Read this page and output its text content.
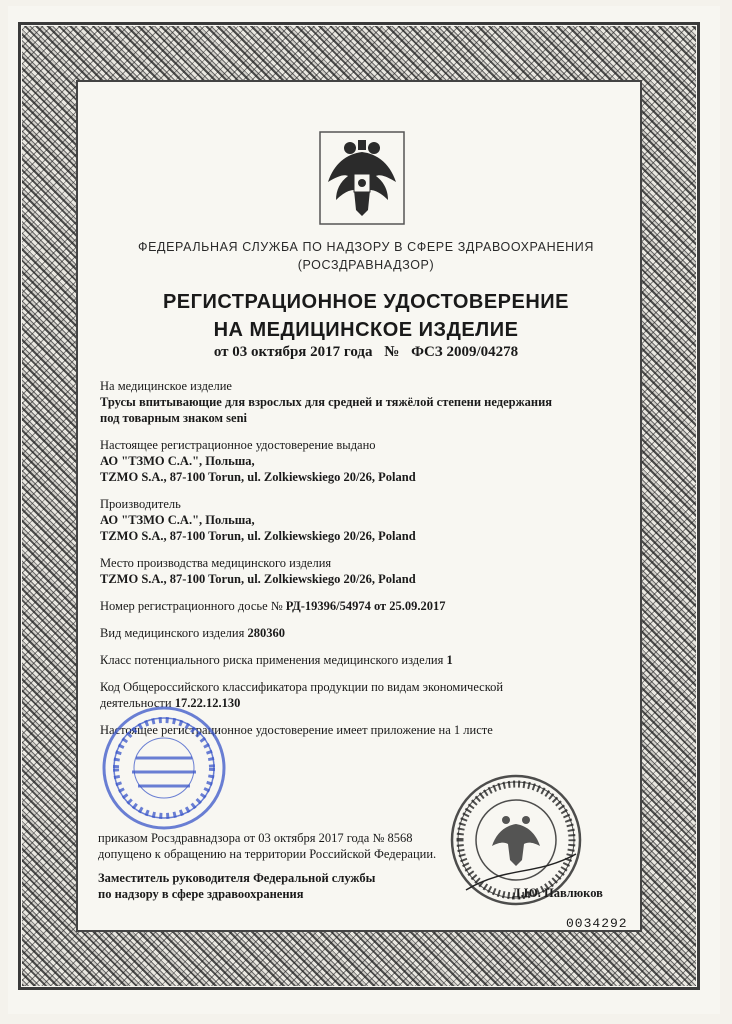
ФЕДЕРАЛЬНАЯ СЛУЖБА ПО НАДЗОРУ В СФЕРЕ ЗДРАВООХРАНЕНИЯ
(РОСЗДРАВНАДЗОР)
РЕГИСТРАЦИОННОЕ УДОСТОВЕРЕНИЕ
НА МЕДИЦИНСКОЕ ИЗДЕЛИЕ
от 03 октября 2017 года № ФСЗ 2009/04278
На медицинское изделие
Трусы впитывающие для взрослых для средней и тяжёлой степени недержания
под товарным знаком seni
Настоящее регистрационное удостоверение выдано
АО "ТЗМО С.А.", Польша,
TZMO S.A., 87-100 Torun, ul. Zolkiewskiego 20/26, Poland
Производитель
АО "ТЗМО С.А.", Польша,
TZMO S.A., 87-100 Torun, ul. Zolkiewskiego 20/26, Poland
Место производства медицинского изделия
TZMO S.A., 87-100 Torun, ul. Zolkiewskiego 20/26, Poland
Номер регистрационного досье № РД-19396/54974 от 25.09.2017
Вид медицинского изделия 280360
Класс потенциального риска применения медицинского изделия 1
Код Общероссийского классификатора продукции по видам экономической
деятельности 17.22.12.130
Настоящее регистрационное удостоверение имеет приложение на 1 листе
приказом Росздравнадзора от 03 октября 2017 года № 8568
допущено к обращению на территории Российской Федерации.
Заместитель руководителя Федеральной службы
по надзору в сфере здравоохранения	Д.Ю. Павлюков
0034292
